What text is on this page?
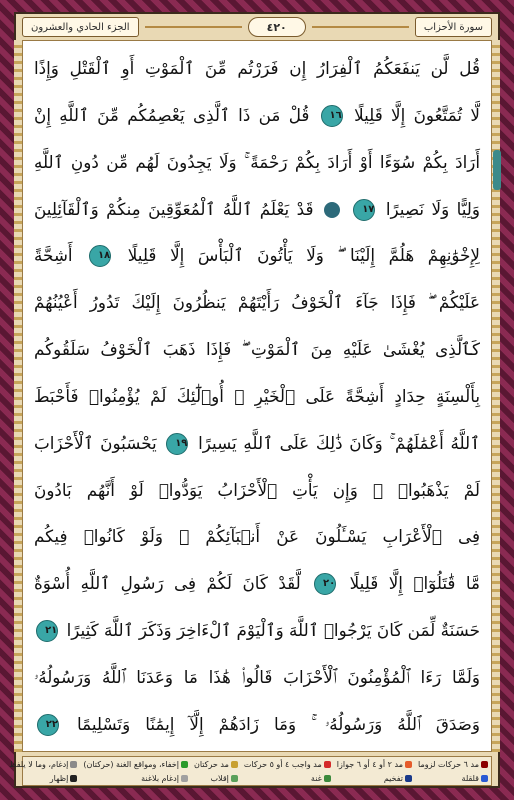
الجزء الحادي والعشرون	٤٢٠	سورة الأحزاب
قُل لَّن يَنفَعَكُمُ ٱلْفِرَارُ إِن فَرَرْتُم مِّنَ ٱلْمَوْتِ أَوِ ٱلْقَتْلِ وَإِذًا
لَّا تُمَتَّعُونَ إِلَّا قَلِيلًا ١٦ قُلْ مَن ذَا ٱلَّذِى يَعْصِمُكُم مِّنَ ٱللَّهِ إِنْ
أَرَادَ بِكُمْ سُوٓءًا أَوْ أَرَادَ بِكُمْ رَحْمَةً ۚ وَلَا يَجِدُونَ لَهُم مِّن دُونِ ٱللَّهِ
وَلِيًّا وَلَا نَصِيرًا ١٧  قَدْ يَعْلَمُ ٱللَّهُ ٱلْمُعَوِّقِينَ مِنكُمْ وَٱلْقَآئِلِينَ
لِإِخْوَٰنِهِمْ هَلُمَّ إِلَيْنَا ۖ وَلَا يَأْتُونَ ٱلْبَأْسَ إِلَّا قَلِيلًا ١٨ أَشِحَّةً
عَلَيْكُمْ ۖ فَإِذَا جَآءَ ٱلْخَوْفُ رَأَيْتَهُمْ يَنظُرُونَ إِلَيْكَ تَدُورُ أَعْيُنُهُمْ
كَٱلَّذِى يُغْشَىٰ عَلَيْهِ مِنَ ٱلْمَوْتِ ۖ فَإِذَا ذَهَبَ ٱلْخَوْفُ سَلَقُوكُم
بِأَلْسِنَةٍ حِدَادٍ أَشِحَّةً عَلَى ٱلْخَيْرِ ۚ أُو۟لَٰٓئِكَ لَمْ يُؤْمِنُوا۟ فَأَحْبَطَ
ٱللَّهُ أَعْمَٰلَهُمْ ۚ وَكَانَ ذَٰلِكَ عَلَى ٱللَّهِ يَسِيرًا ١٩ يَحْسَبُونَ ٱلْأَحْزَابَ
لَمْ يَذْهَبُوا۟ ۖ وَإِن يَأْتِ ٱلْأَحْزَابُ يَوَدُّوا۟ لَوْ أَنَّهُم بَادُونَ
فِى ٱلْأَعْرَابِ يَسْـَٔلُونَ عَنْ أَنۢبَآئِكُمْ ۖ وَلَوْ كَانُوا۟ فِيكُم
مَّا قَٰتَلُوٓا۟ إِلَّا قَلِيلًا ٢٠ لَّقَدْ كَانَ لَكُمْ فِى رَسُولِ ٱللَّهِ أُسْوَةٌ
حَسَنَةٌ لِّمَن كَانَ يَرْجُوا۟ ٱللَّهَ وَٱلْيَوْمَ ٱلْءَاخِرَ وَذَكَرَ ٱللَّهَ كَثِيرًا ٢١
وَلَمَّا رَءَا ٱلْمُؤْمِنُونَ ٱلْأَحْزَابَ قَالُوا۟ هَٰذَا مَا وَعَدَنَا ٱللَّهُ وَرَسُولُهُۥ
وَصَدَقَ ٱللَّهُ وَرَسُولُهُۥ ۚ وَمَا زَادَهُمْ إِلَّآ إِيمَٰنًا وَتَسْلِيمًا ٢٢
مد ٦ حركات لزوما
مد ٢ أو ٤ أو ٦ جوازا
مد واجب ٤ أو ٥ حركات
مد حركتان
إخفاء، ومواقع الغنة (حركتان)
إدغام، وما لا يلفظ
قلقلة
تفخيم
غنة
إقلاب
إدغام بلاغنة
إظهار
